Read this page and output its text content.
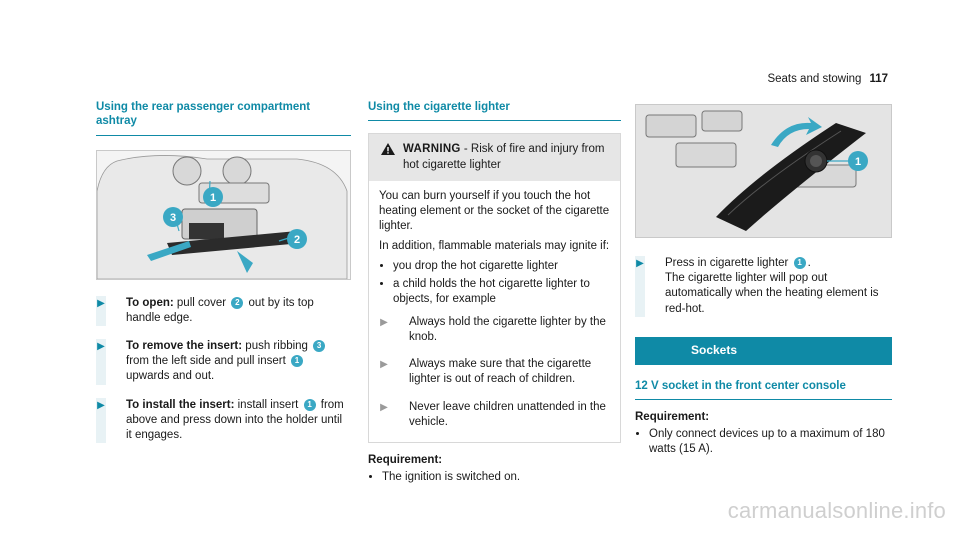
Seats and stowing 117
Using the rear passenger compartment ashtray
1
2
3
▶ To open: pull cover 2 out by its top handle edge.
▶ To remove the insert: push ribbing 3 from the left side and pull insert 1 upwards and out.
▶ To install the insert: install insert 1 from above and press down into the holder until it engages.
Using the cigarette lighter
WARNING - Risk of fire and injury from hot cigarette lighter

You can burn yourself if you touch the hot heating element or the socket of the cigarette lighter.

In addition, flammable materials may ignite if:

• you drop the hot cigarette lighter
• a child holds the hot cigarette lighter to objects, for example
▶ Always hold the cigarette lighter by the knob.
▶ Always make sure that the cigarette lighter is out of reach of children.
▶ Never leave children unattended in the vehicle.
Requirement:
• The ignition is switched on.
1
▶ Press in cigarette lighter 1 .
The cigarette lighter will pop out automatically when the heating element is red-hot.
Sockets
12 V socket in the front center console
Requirement:
• Only connect devices up to a maximum of 180 watts (15 A).
carmanualsonline.info
